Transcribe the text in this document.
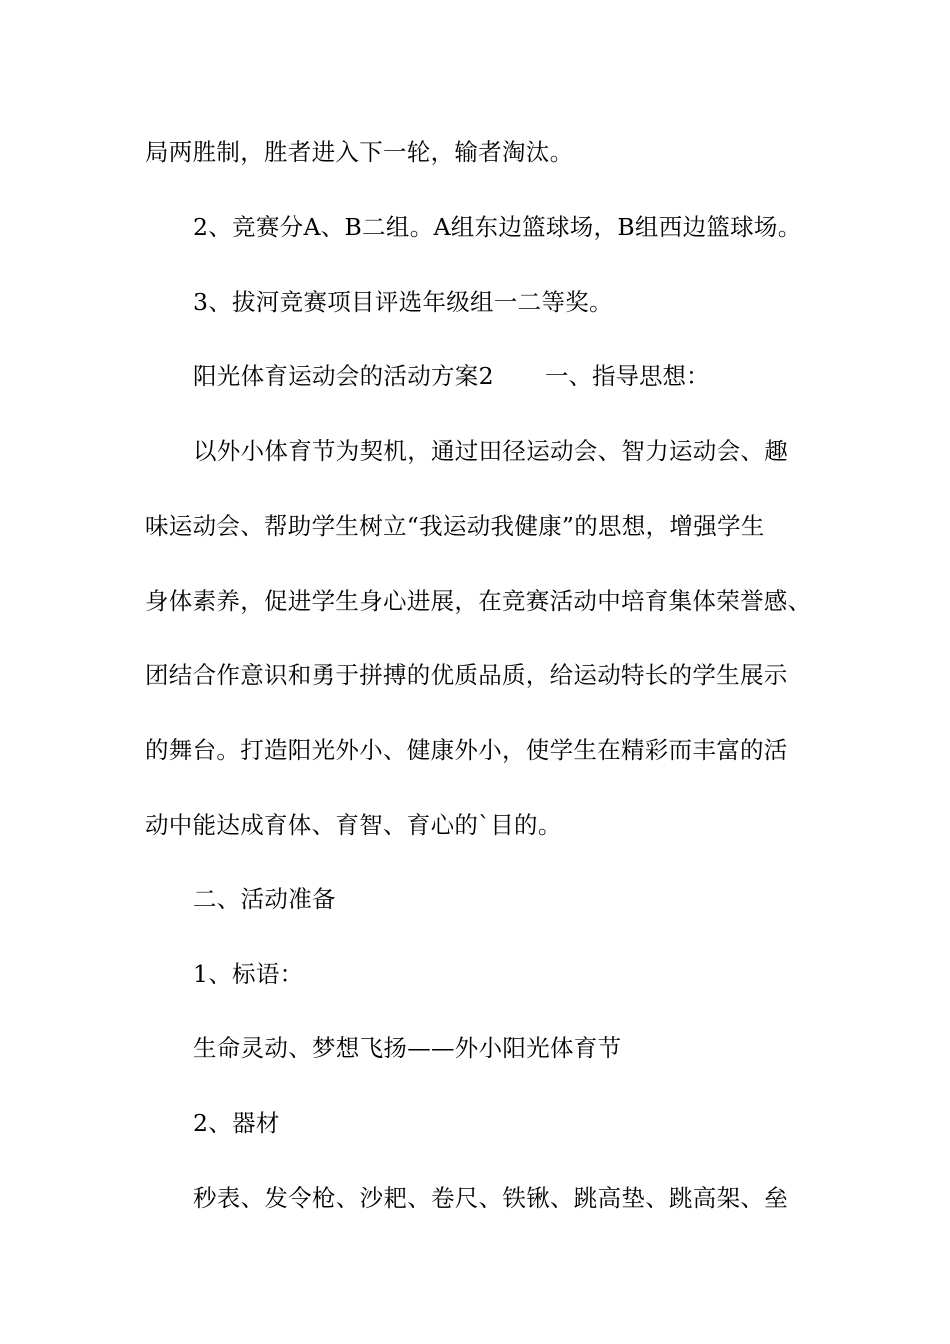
局两胜制，胜者进入下一轮，输者淘汰。
2、竞赛分A、B二组。A组东边篮球场，B组西边篮球场。
3、拔河竞赛项目评选年级组一二等奖。
阳光体育运动会的活动方案2 一、指导思想：
以外小体育节为契机，通过田径运动会、智力运动会、趣
味运动会、帮助学生树立“我运动我健康”的思想，增强学生
身体素养，促进学生身心进展，在竞赛活动中培育集体荣誉感、
团结合作意识和勇于拼搏的优质品质，给运动特长的学生展示
的舞台。打造阳光外小、健康外小，使学生在精彩而丰富的活
动中能达成育体、育智、育心的`目的。
二、活动准备
1、标语：
生命灵动、梦想飞扬——外小阳光体育节
2、器材
秒表、发令枪、沙耙、卷尺、铁锹、跳高垫、跳高架、垒
